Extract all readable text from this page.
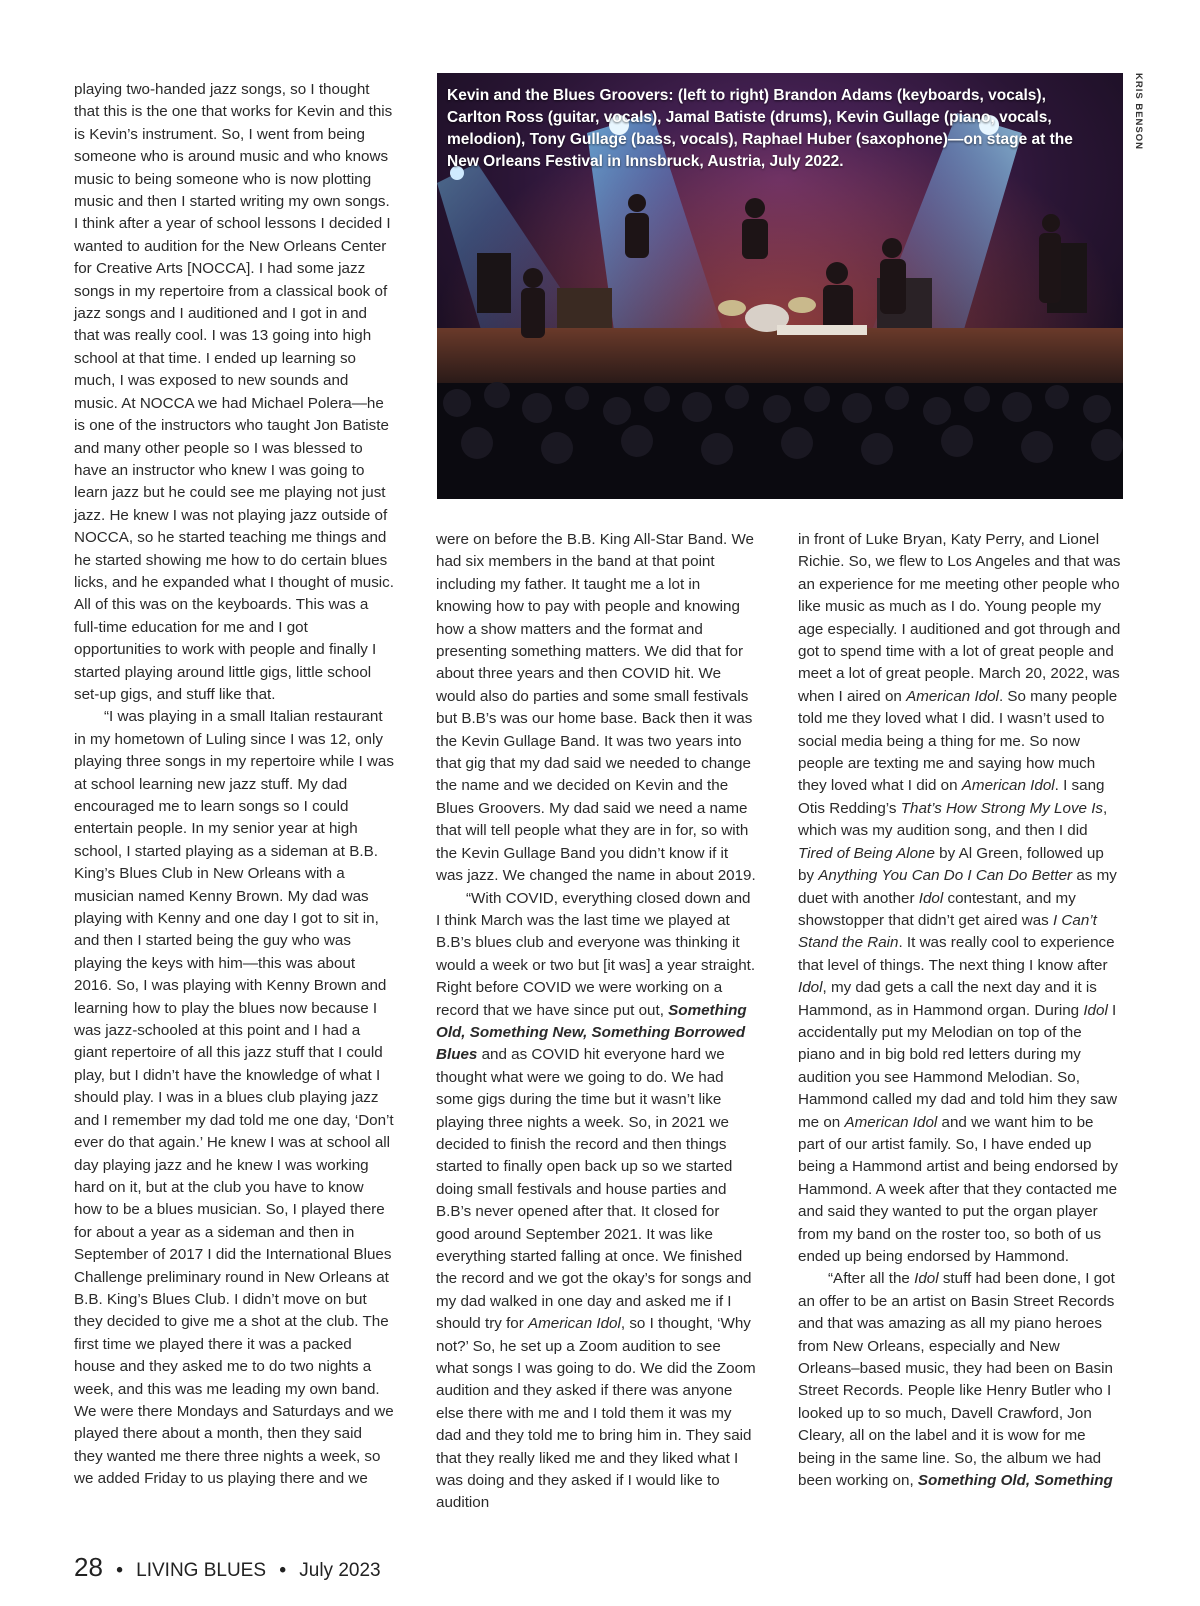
playing two-handed jazz songs, so I thought that this is the one that works for Kevin and this is Kevin’s instrument. So, I went from being someone who is around music and who knows music to being someone who is now plotting music and then I started writing my own songs. I think after a year of school lessons I decided I wanted to audition for the New Orleans Center for Creative Arts [NOCCA]. I had some jazz songs in my repertoire from a classical book of jazz songs and I auditioned and I got in and that was really cool. I was 13 going into high school at that time. I ended up learning so much, I was exposed to new sounds and music. At NOCCA we had Michael Polera—he is one of the instructors who taught Jon Batiste and many other people so I was blessed to have an instructor who knew I was going to learn jazz but he could see me playing not just jazz. He knew I was not playing jazz outside of NOCCA, so he started teaching me things and he started showing me how to do certain blues licks, and he expanded what I thought of music. All of this was on the keyboards. This was a full-time education for me and I got opportunities to work with people and finally I started playing around little gigs, little school set-up gigs, and stuff like that.

“I was playing in a small Italian restaurant in my hometown of Luling since I was 12, only playing three songs in my repertoire while I was at school learning new jazz stuff. My dad encouraged me to learn songs so I could entertain people. In my senior year at high school, I started playing as a sideman at B.B. King’s Blues Club in New Orleans with a musician named Kenny Brown. My dad was playing with Kenny and one day I got to sit in, and then I started being the guy who was playing the keys with him—this was about 2016. So, I was playing with Kenny Brown and learning how to play the blues now because I was jazz-schooled at this point and I had a giant repertoire of all this jazz stuff that I could play, but I didn’t have the knowledge of what I should play. I was in a blues club playing jazz and I remember my dad told me one day, ‘Don’t ever do that again.’ He knew I was at school all day playing jazz and he knew I was working hard on it, but at the club you have to know how to be a blues musician. So, I played there for about a year as a sideman and then in September of 2017 I did the International Blues Challenge preliminary round in New Orleans at B.B. King’s Blues Club. I didn’t move on but they decided to give me a shot at the club. The first time we played there it was a packed house and they asked me to do two nights a week, and this was me leading my own band. We were there Mondays and Saturdays and we played there about a month, then they said they wanted me there three nights a week, so we added Friday to us playing there and we

Kevin and the Blues Groovers: (left to right) Brandon Adams (keyboards, vocals), Carlton Ross (guitar, vocals), Jamal Batiste (drums), Kevin Gullage (piano, vocals, melodion), Tony Gullage (bass, vocals), Raphael Huber (saxophone)—on stage at the New Orleans Festival in Innsbruck, Austria, July 2022.
KRIS BENSON

were on before the B.B. King All-Star Band. We had six members in the band at that point including my father. It taught me a lot in knowing how to pay with people and knowing how a show matters and the format and presenting something matters. We did that for about three years and then COVID hit. We would also do parties and some small festivals but B.B’s was our home base. Back then it was the Kevin Gullage Band. It was two years into that gig that my dad said we needed to change the name and we decided on Kevin and the Blues Groovers. My dad said we need a name that will tell people what they are in for, so with the Kevin Gullage Band you didn’t know if it was jazz. We changed the name in about 2019.

“With COVID, everything closed down and I think March was the last time we played at B.B’s blues club and everyone was thinking it would a week or two but [it was] a year straight. Right before COVID we were working on a record that we have since put out, Something Old, Something New, Something Borrowed Blues and as COVID hit everyone hard we thought what were we going to do. We had some gigs during the time but it wasn’t like playing three nights a week. So, in 2021 we decided to finish the record and then things started to finally open back up so we started doing small festivals and house parties and B.B’s never opened after that. It closed for good around September 2021. It was like everything started falling at once. We finished the record and we got the okay’s for songs and my dad walked in one day and asked me if I should try for American Idol, so I thought, ‘Why not?’ So, he set up a Zoom audition to see what songs I was going to do. We did the Zoom audition and they asked if there was anyone else there with me and I told them it was my dad and they told me to bring him in. They said that they really liked me and they liked what I was doing and they asked if I would like to audition

in front of Luke Bryan, Katy Perry, and Lionel Richie. So, we flew to Los Angeles and that was an experience for me meeting other people who like music as much as I do. Young people my age especially. I auditioned and got through and got to spend time with a lot of great people and meet a lot of great people. March 20, 2022, was when I aired on American Idol. So many people told me they loved what I did. I wasn’t used to social media being a thing for me. So now people are texting me and saying how much they loved what I did on American Idol. I sang Otis Redding’s That’s How Strong My Love Is, which was my audition song, and then I did Tired of Being Alone by Al Green, followed up by Anything You Can Do I Can Do Better as my duet with another Idol contestant, and my showstopper that didn’t get aired was I Can’t Stand the Rain. It was really cool to experience that level of things. The next thing I know after Idol, my dad gets a call the next day and it is Hammond, as in Hammond organ. During Idol I accidentally put my Melodian on top of the piano and in big bold red letters during my audition you see Hammond Melodian. So, Hammond called my dad and told him they saw me on American Idol and we want him to be part of our artist family. So, I have ended up being a Hammond artist and being endorsed by Hammond. A week after that they contacted me and said they wanted to put the organ player from my band on the roster too, so both of us ended up being endorsed by Hammond.

“After all the Idol stuff had been done, I got an offer to be an artist on Basin Street Records and that was amazing as all my piano heroes from New Orleans, especially and New Orleans–based music, they had been on Basin Street Records. People like Henry Butler who I looked up to so much, Davell Crawford, Jon Cleary, all on the label and it is wow for me being in the same line. So, the album we had been working on, Something Old, Something

28 • LIVING BLUES • July 2023
